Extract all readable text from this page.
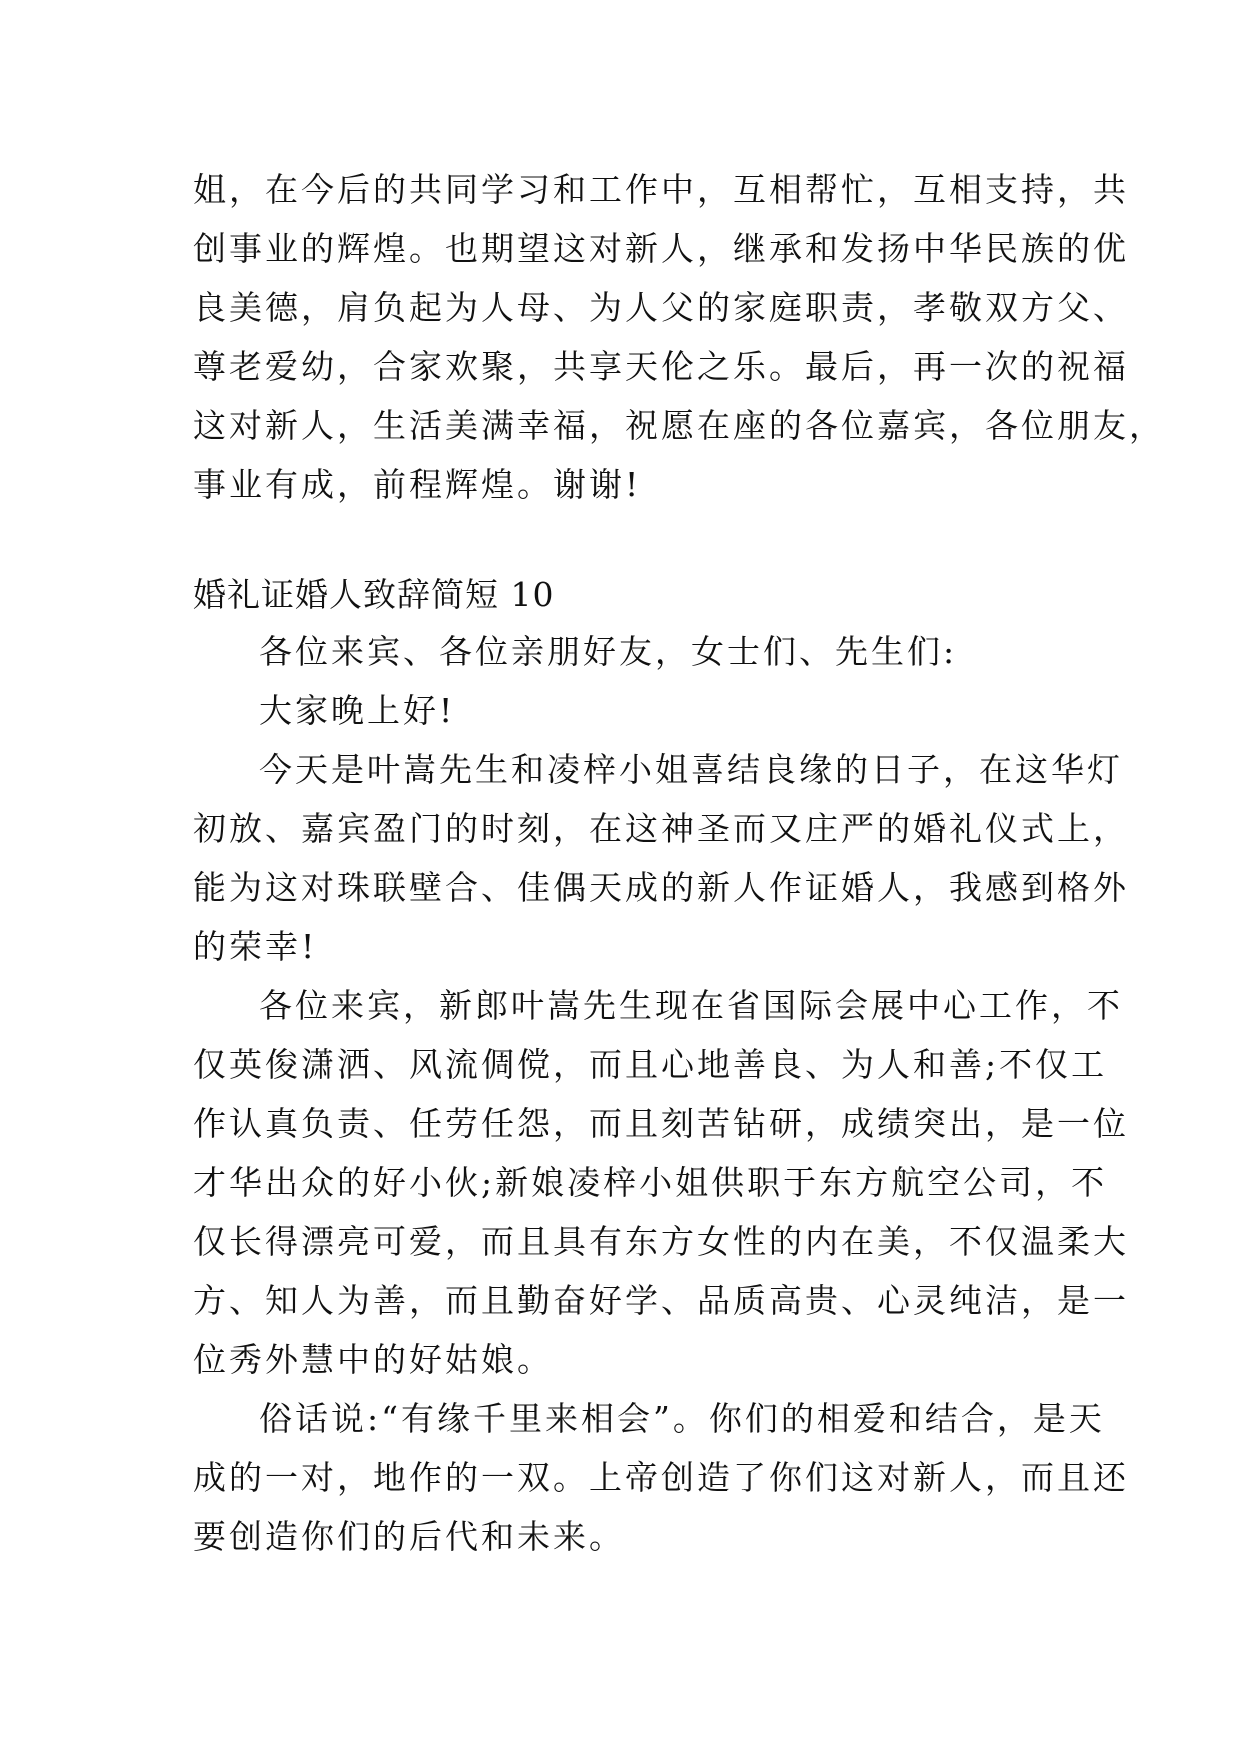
姐，在今后的共同学习和工作中，互相帮忙，互相支持，共
创事业的辉煌。也期望这对新人，继承和发扬中华民族的优
良美德，肩负起为人母、为人父的家庭职责，孝敬双方父、
尊老爱幼，合家欢聚，共享天伦之乐。最后，再一次的祝福
这对新人，生活美满幸福，祝愿在座的各位嘉宾，各位朋友，
事业有成，前程辉煌。谢谢!
婚礼证婚人致辞简短 10
各位来宾、各位亲朋好友，女士们、先生们:
大家晚上好!
今天是叶嵩先生和凌梓小姐喜结良缘的日子，在这华灯
初放、嘉宾盈门的时刻，在这神圣而又庄严的婚礼仪式上，
能为这对珠联壁合、佳偶天成的新人作证婚人，我感到格外
的荣幸!
各位来宾，新郎叶嵩先生现在省国际会展中心工作，不
仅英俊潇洒、风流倜傥，而且心地善良、为人和善;不仅工
作认真负责、任劳任怨，而且刻苦钻研，成绩突出，是一位
才华出众的好小伙;新娘凌梓小姐供职于东方航空公司，不
仅长得漂亮可爱，而且具有东方女性的内在美，不仅温柔大
方、知人为善，而且勤奋好学、品质高贵、心灵纯洁，是一
位秀外慧中的好姑娘。
俗话说:“有缘千里来相会”。你们的相爱和结合，是天
成的一对，地作的一双。上帝创造了你们这对新人，而且还
要创造你们的后代和未来。
